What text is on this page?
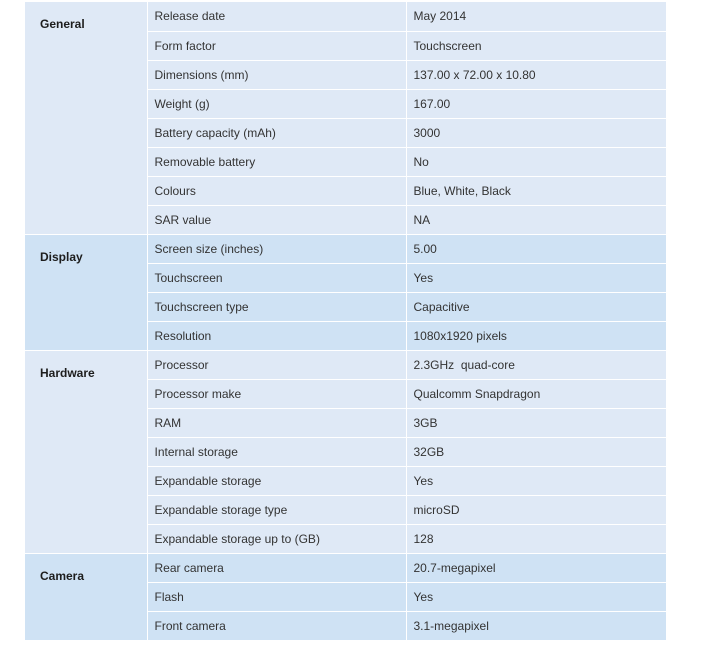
General	Release date	May 2014
	Form factor	Touchscreen
	Dimensions (mm)	137.00 x 72.00 x 10.80
	Weight (g)	167.00
	Battery capacity (mAh)	3000
	Removable battery	No
	Colours	Blue, White, Black
	SAR value	NA
Display	Screen size (inches)	5.00
	Touchscreen	Yes
	Touchscreen type	Capacitive
	Resolution	1080x1920 pixels
Hardware	Processor	2.3GHz  quad-core
	Processor make	Qualcomm Snapdragon
	RAM	3GB
	Internal storage	32GB
	Expandable storage	Yes
	Expandable storage type	microSD
	Expandable storage up to (GB)	128
Camera	Rear camera	20.7-megapixel
	Flash	Yes
	Front camera	3.1-megapixel
